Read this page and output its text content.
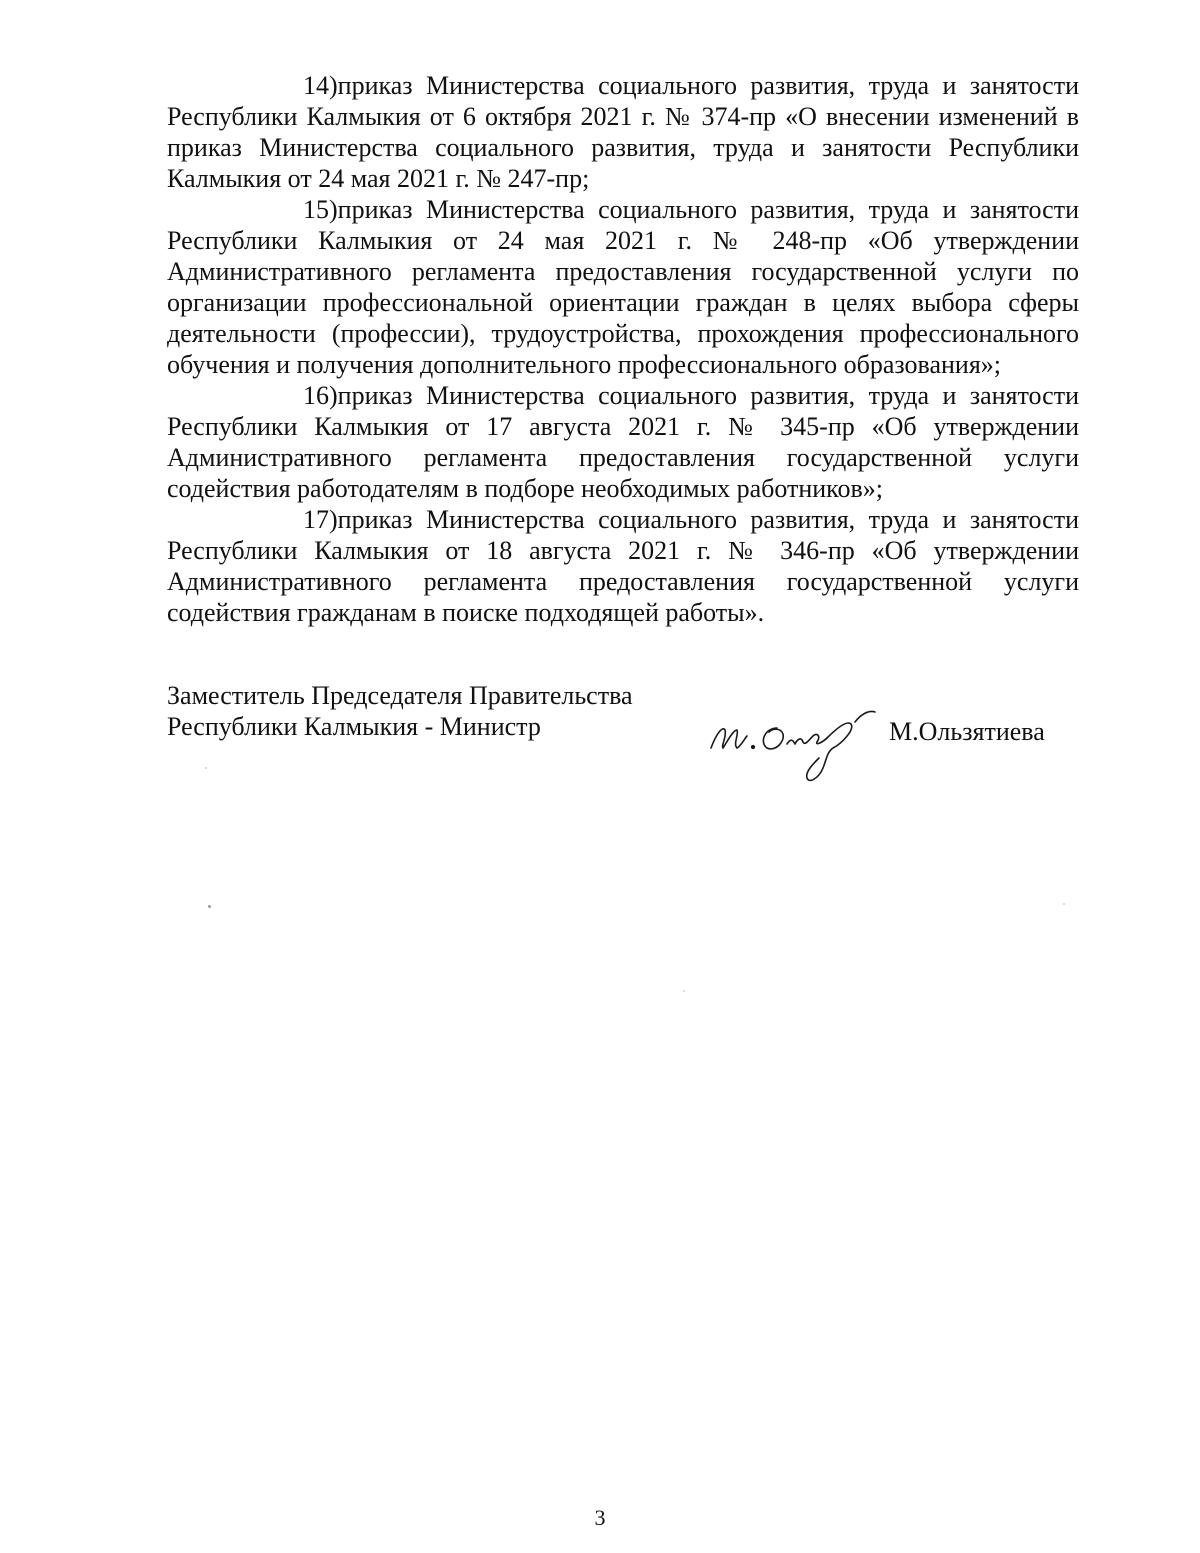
14)приказ Министерства социального развития, труда и занятости Республики Калмыкия от 6 октября 2021 г. № 374-пр «О внесении изменений в приказ Министерства социального развития, труда и занятости Республики Калмыкия от 24 мая 2021 г. № 247-пр;

15)приказ Министерства социального развития, труда и занятости Республики Калмыкия от 24 мая 2021 г. № 248-пр «Об утверждении Административного регламента предоставления государственной услуги по организации профессиональной ориентации граждан в целях выбора сферы деятельности (профессии), трудоустройства, прохождения профессионального обучения и получения дополнительного профессионального образования»;

16)приказ Министерства социального развития, труда и занятости Республики Калмыкия от 17 августа 2021 г. № 345-пр «Об утверждении Административного регламента предоставления государственной услуги содействия работодателям в подборе необходимых работников»;

17)приказ Министерства социального развития, труда и занятости Республики Калмыкия от 18 августа 2021 г. № 346-пр «Об утверждении Административного регламента предоставления государственной услуги содействия гражданам в поиске подходящей работы».

Заместитель Председателя Правительства
Республики Калмыкия - Министр	М.Ользятиева
3
